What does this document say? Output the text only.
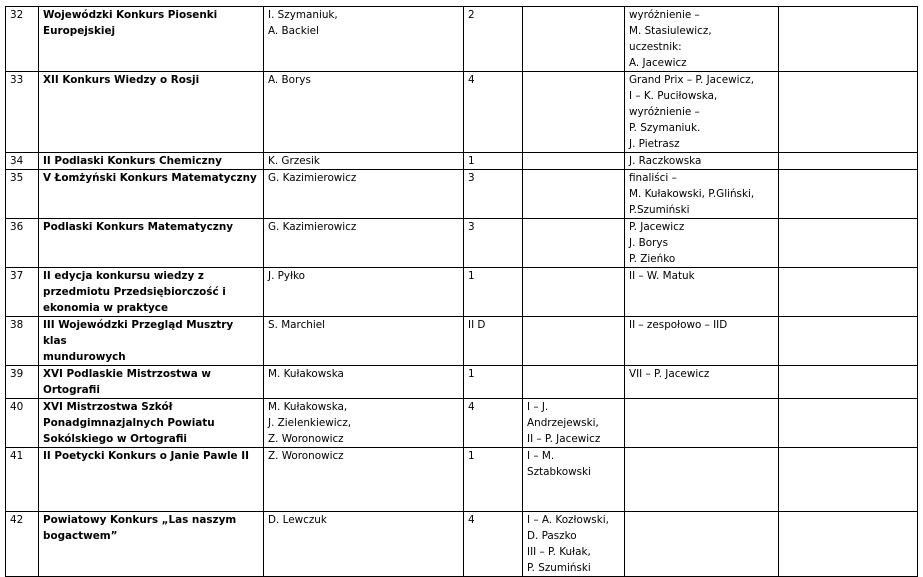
32	Wojewódzki Konkurs Piosenki
Europejskiej	I. Szymaniuk,
A. Backiel	2		wyróżnienie –
M. Stasiulewicz,
uczestnik:
A. Jacewicz	
33	XII Konkurs Wiedzy o Rosji	A. Borys	4		Grand Prix – P. Jacewicz,
I – K. Puciłowska,
wyróżnienie –
P. Szymaniuk.
J. Pietrasz	
34	II Podlaski Konkurs Chemiczny	K. Grzesik	1		J. Raczkowska	
35	V Łomżyński Konkurs Matematyczny	G. Kazimierowicz	3		finaliści –
M. Kułakowski, P.Gliński,
P.Szumiński	
36	Podlaski Konkurs Matematyczny	G. Kazimierowicz	3		P. Jacewicz
J. Borys
P. Zieńko	
37	II edycja konkursu wiedzy z
przedmiotu Przedsiębiorczość i
ekonomia w praktyce	J. Pyłko	1		II – W. Matuk	
38	III Wojewódzki Przegląd Musztry klas
mundurowych	S. Marchiel	II D		II – zespołowo – IID	
39	XVI Podlaskie Mistrzostwa w
Ortografii	M. Kułakowska	1		VII – P. Jacewicz	
40	XVI Mistrzostwa Szkół
Ponadgimnazjalnych Powiatu
Sokólskiego w Ortografii	M. Kułakowska,
J. Zielenkiewicz,
Z. Woronowicz	4	I – J.
Andrzejewski,
II – P. Jacewicz		
41	II Poetycki Konkurs o Janie Pawle II	Z. Woronowicz	1	I – M.
Sztabkowski		
42	Powiatowy Konkurs „Las naszym
bogactwem”	D. Lewczuk	4	I – A. Kozłowski,
D. Paszko
III – P. Kułak,
P. Szumiński		
